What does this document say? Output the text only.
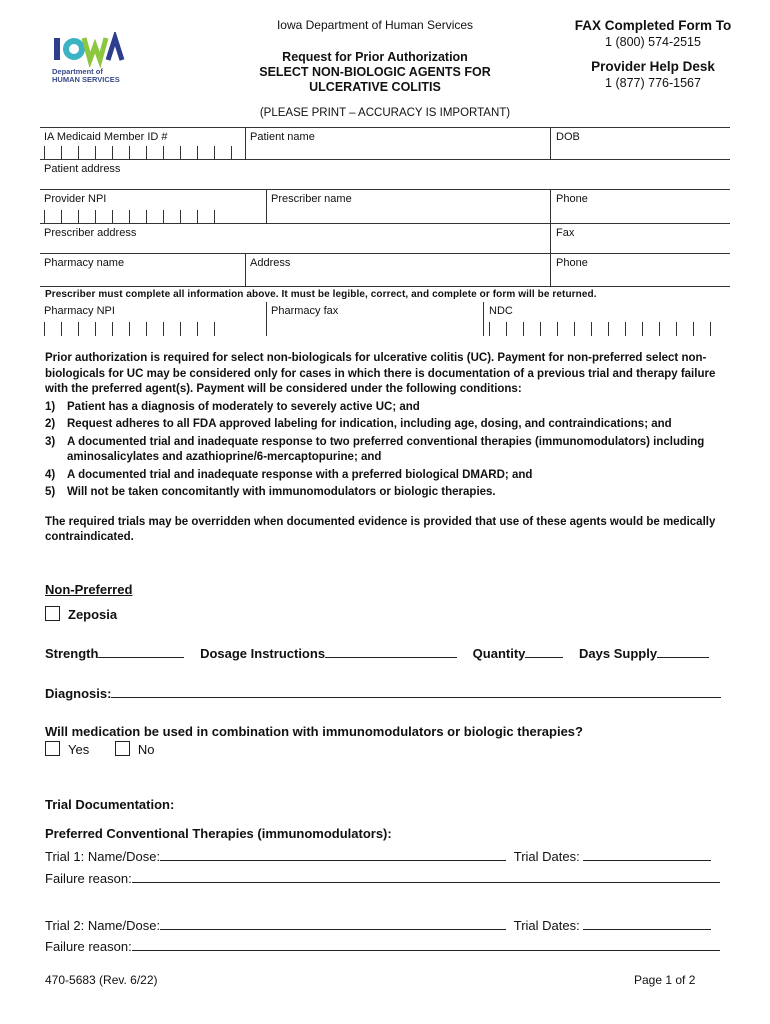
Department of
HUMAN SERVICES
Iowa Department of Human Services
Request for Prior Authorization
SELECT NON-BIOLOGIC AGENTS FOR
ULCERATIVE COLITIS
FAX Completed Form To
1 (800) 574-2515
Provider Help Desk
1 (877) 776-1567
(PLEASE PRINT – ACCURACY IS IMPORTANT)
IA Medicaid Member ID #	Patient name	DOB
Patient address
Provider NPI	Prescriber name	Phone
Prescriber address	Fax
Pharmacy name	Address	Phone
Prescriber must complete all information above. It must be legible, correct, and complete or form will be returned.
Pharmacy NPI	Pharmacy fax	NDC
Prior authorization is required for select non-biologicals for ulcerative colitis (UC). Payment for non-preferred select non-biologicals for UC may be considered only for cases in which there is documentation of a previous trial and therapy failure with the preferred agent(s). Payment will be considered under the following conditions:
1)	Patient has a diagnosis of moderately to severely active UC; and
2)	Request adheres to all FDA approved labeling for indication, including age, dosing, and contraindications; and
3)	A documented trial and inadequate response to two preferred conventional therapies (immunomodulators) including aminosalicylates and azathioprine/6-mercaptopurine; and
4)	A documented trial and inadequate response with a preferred biological DMARD; and
5)	Will not be taken concomitantly with immunomodulators or biologic therapies.
The required trials may be overridden when documented evidence is provided that use of these agents would be medically contraindicated.
Non-Preferred
Zeposia
Strength	Dosage Instructions	Quantity	Days Supply
Diagnosis:
Will medication be used in combination with immunomodulators or biologic therapies?
Yes	No
Trial Documentation:
Preferred Conventional Therapies (immunomodulators):
Trial 1: Name/Dose:	Trial Dates:
Failure reason:
Trial 2: Name/Dose:	Trial Dates:
Failure reason:
470-5683 (Rev. 6/22)	Page 1 of 2
